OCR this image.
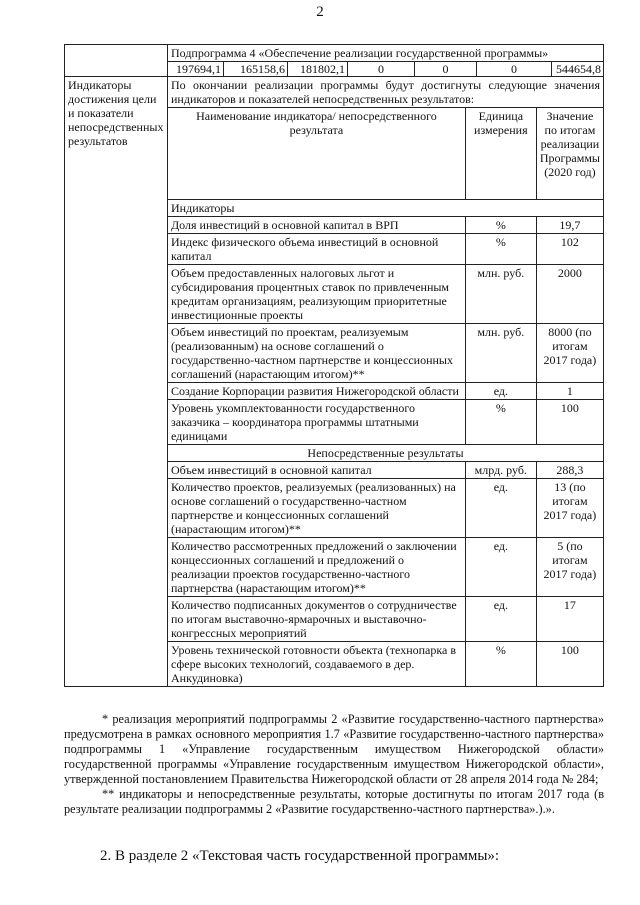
2
	Подпрограмма 4 «Обеспечение реализации государственной программы»

197694,1	165158,6	181802,1	0	0	0	544654,8

Индикаторы достижения цели и показатели непосредственных результатов	
По окончании реализации программы будут достигнуты следующие значения индикаторов и показателей непосредственных результатов:
Наименование индикатора/ непосредственного результата	Единица измерения	Значение по итогам реализации Программы (2020 год)
Индикаторы
Доля инвестиций в основной капитал в ВРП	%	19,7
Индекс физического объема инвестиций в основной капитал	%	102
Объем предоставленных налоговых льгот и субсидирования процентных ставок по привлеченным кредитам организациям, реализующим приоритетные инвестиционные проекты	млн. руб.	2000
Объем инвестиций по проектам, реализуемым (реализованным) на основе соглашений о государственно-частном партнерстве и концессионных соглашений (нарастающим итогом)**	млн. руб.	8000 (по итогам 2017 года)
Создание Корпорации развития Нижегородской области	ед.	1
Уровень укомплектованности государственного заказчика – координатора программы штатными единицами	%	100
Непосредственные результаты
Объем инвестиций в основной капитал	млрд. руб.	288,3
Количество проектов, реализуемых (реализованных) на основе соглашений о государственно-частном партнерстве и концессионных соглашений (нарастающим итогом)**	ед.	13 (по итогам 2017 года)
Количество рассмотренных предложений о заключении концессионных соглашений и предложений о реализации проектов государственно-частного партнерства (нарастающим итогом)**	ед.	5 (по итогам 2017 года)
Количество подписанных документов о сотрудничестве по итогам выставочно-ярмарочных и выставочно-конгрессных мероприятий	ед.	17
Уровень технической готовности объекта (технопарка в сфере высоких технологий, создаваемого в дер. Анкудиновка)	%	100

* реализация мероприятий подпрограммы 2 «Развитие государственно-частного партнерства» предусмотрена в рамках основного мероприятия 1.7 «Развитие государственно-частного партнерства» подпрограммы 1 «Управление государственным имуществом Нижегородской области» государственной программы «Управление государственным имуществом Нижегородской области», утвержденной постановлением Правительства Нижегородской области от 28 апреля 2014 года № 284;

** индикаторы и непосредственные результаты, которые достигнуты по итогам 2017 года (в результате реализации подпрограммы 2 «Развитие государственно-частного партнерства».).».

2. В разделе 2 «Текстовая часть государственной программы»:
